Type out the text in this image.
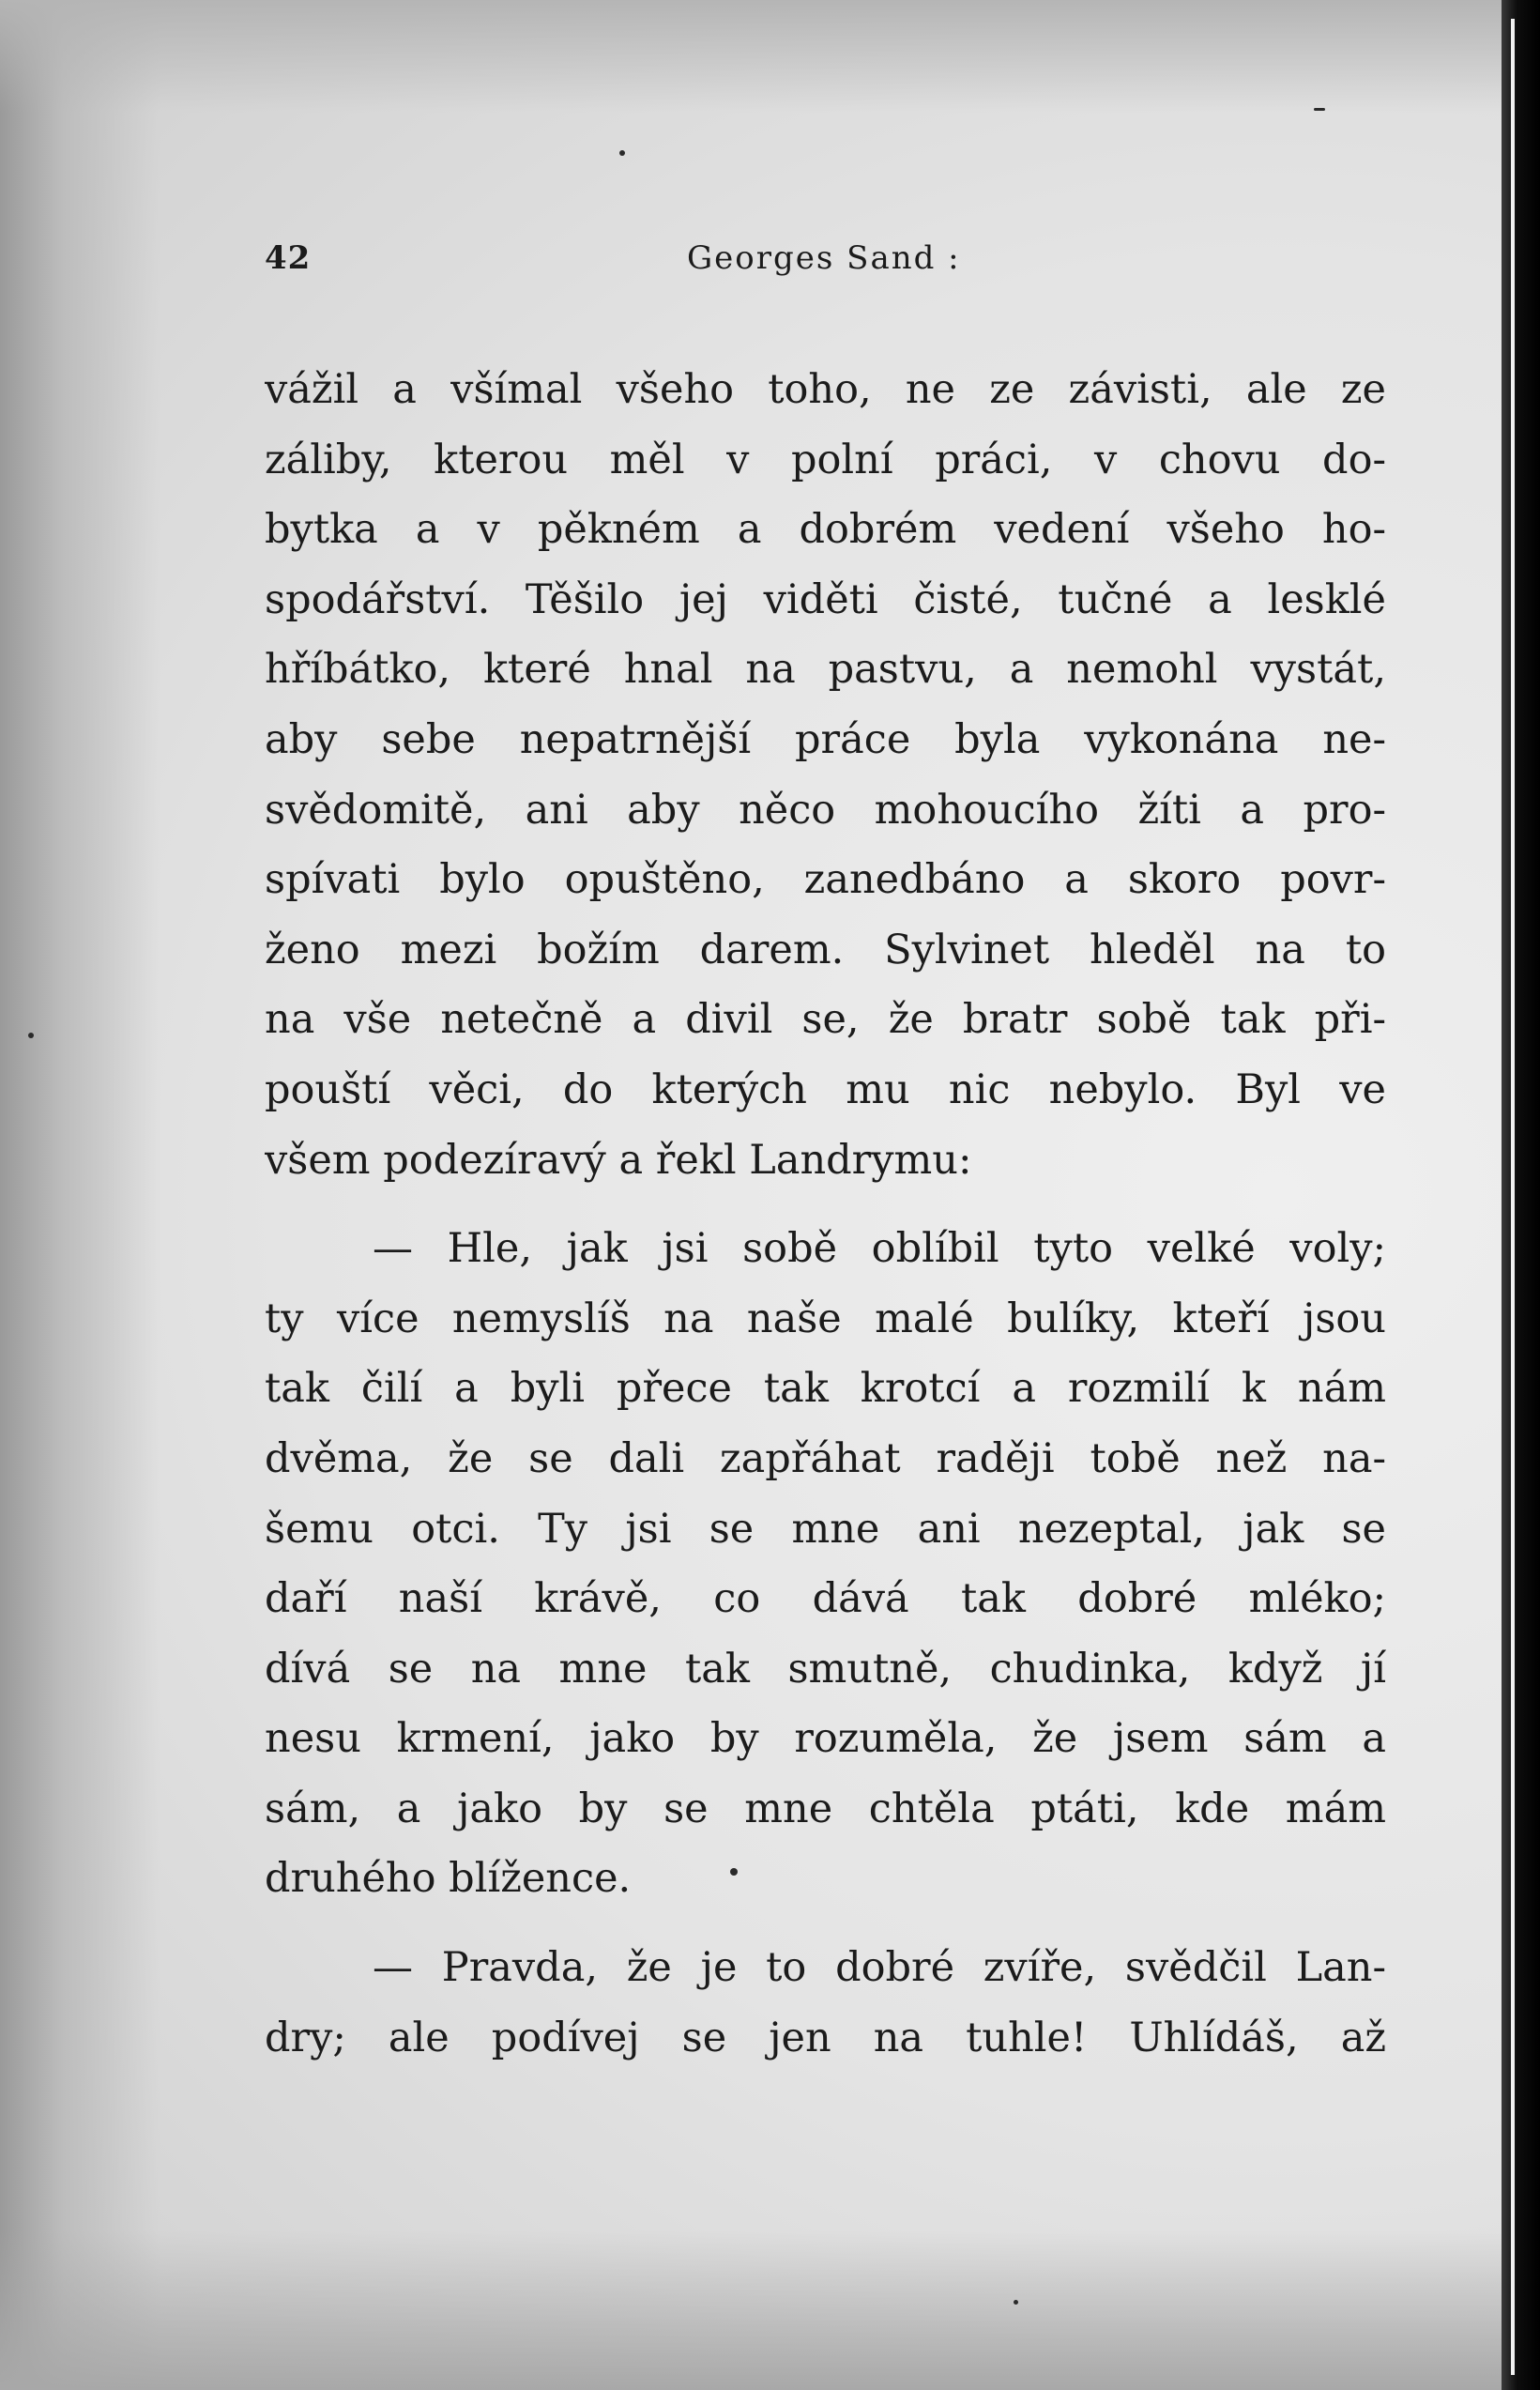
42	Georges Sand :
vážil a všímal všeho toho, ne ze závisti, ale ze
záliby, kterou měl v polní práci, v chovu do-
bytka a v pěkném a dobrém vedení všeho ho-
spodářství. Těšilo jej viděti čisté, tučné a lesklé
hříbátko, které hnal na pastvu, a nemohl vystát,
aby sebe nepatrnější práce byla vykonána ne-
svědomitě, ani aby něco mohoucího žíti a pro-
spívati bylo opuštěno, zanedbáno a skoro povr-
ženo mezi božím darem. Sylvinet hleděl na to
na vše netečně a divil se, že bratr sobě tak při-
pouští věci, do kterých mu nic nebylo. Byl ve
všem podezíravý a řekl Landrymu:
— Hle, jak jsi sobě oblíbil tyto velké voly;
ty více nemyslíš na naše malé bulíky, kteří jsou
tak čilí a byli přece tak krotcí a rozmilí k nám
dvěma, že se dali zapřáhat raději tobě než na-
šemu otci. Ty jsi se mne ani nezeptal, jak se
daří naší krávě, co dává tak dobré mléko;
dívá se na mne tak smutně, chudinka, když jí
nesu krmení, jako by rozuměla, že jsem sám a
sám, a jako by se mne chtěla ptáti, kde mám
druhého blížence.
— Pravda, že je to dobré zvíře, svědčil Lan-
dry; ale podívej se jen na tuhle! Uhlídáš, až
